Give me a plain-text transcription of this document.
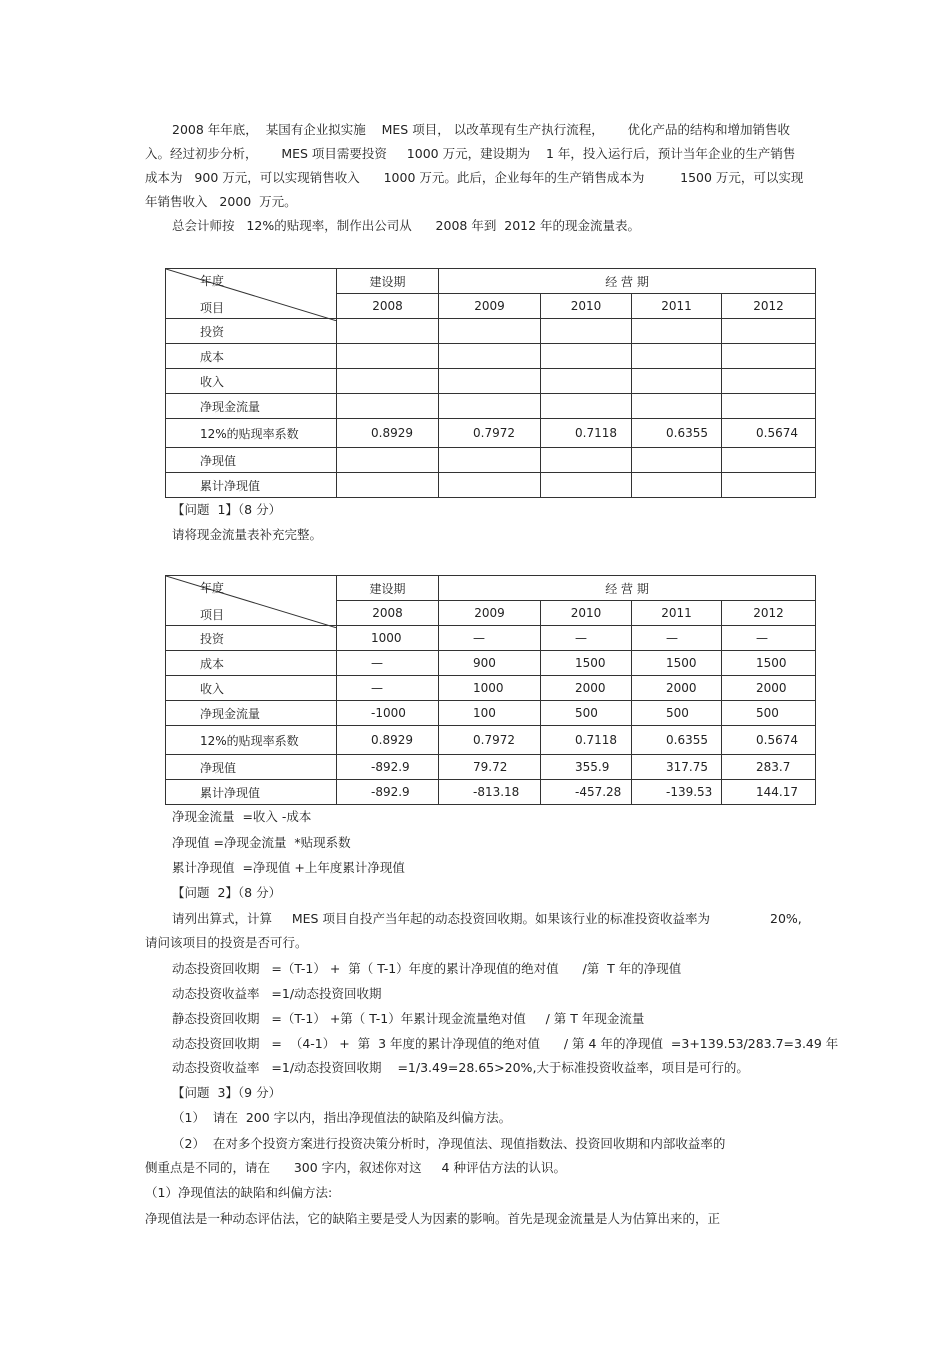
2008 年年底，  某国有企业拟实施    MES 项目， 以改革现有生产执行流程，      优化产品的结构和增加销售收
入。经过初步分析，      MES 项目需要投资     1000 万元，建设期为    1 年，投入运行后，预计当年企业的生产销售
成本为   900 万元，可以实现销售收入      1000 万元。此后，企业每年的生产销售成本为         1500 万元，可以实现
年销售收入   2000  万元。
总会计师按   12%的贴现率，制作出公司从      2008 年到  2012 年的现金流量表。
年度
项目	建设期	经 营 期			
	2008	2009	2010	2011	2012
投资					
成本					
收入					
净现金流量					
12%的贴现率系数	0.8929	0.7972	0.7118	0.6355	0.5674
净现值					
累计净现值					
【问题  1】（8 分）
请将现金流量表补充完整。
年度
项目	建设期	经 营 期			
	2008	2009	2010	2011	2012
投资	1000	—	—	—	—
成本	—	900	1500	1500	1500
收入	—	1000	2000	2000	2000
净现金流量	-1000	100	500	500	500
12%的贴现率系数	0.8929	0.7972	0.7118	0.6355	0.5674
净现值	-892.9	79.72	355.9	317.75	283.7
累计净现值	-892.9	-813.18	-457.28	-139.53	144.17
净现金流量  =收入 -成本
净现值 =净现金流量  *贴现系数
累计净现值  =净现值 +上年度累计净现值
【问题  2】（8 分）
请列出算式，计算     MES 项目自投产当年起的动态投资回收期。如果该行业的标准投资收益率为	20%,
请问该项目的投资是否可行。
动态投资回收期   =（T-1） +  第（ T-1）年度的累计净现值的绝对值      /第  T 年的净现值
动态投资收益率   =1/动态投资回收期
静态投资回收期   =（T-1） +第（ T-1）年累计现金流量绝对值     / 第 T 年现金流量
动态投资回收期   =  （4-1） +  第  3 年度的累计净现值的绝对值      / 第 4 年的净现值  =3+139.53/283.7=3.49 年
动态投资收益率   =1/动态投资回收期    =1/3.49=28.65>20%,大于标准投资收益率，项目是可行的。
【问题  3】（9 分）
（1）  请在  200 字以内，指出净现值法的缺陷及纠偏方法。
（2）  在对多个投资方案进行投资决策分析时，净现值法、现值指数法、投资回收期和内部收益率的
侧重点是不同的，请在      300 字内，叙述你对这     4 种评估方法的认识。
（1）净现值法的缺陷和纠偏方法:
净现值法是一种动态评估法，它的缺陷主要是受人为因素的影响。首先是现金流量是人为估算出来的，正
